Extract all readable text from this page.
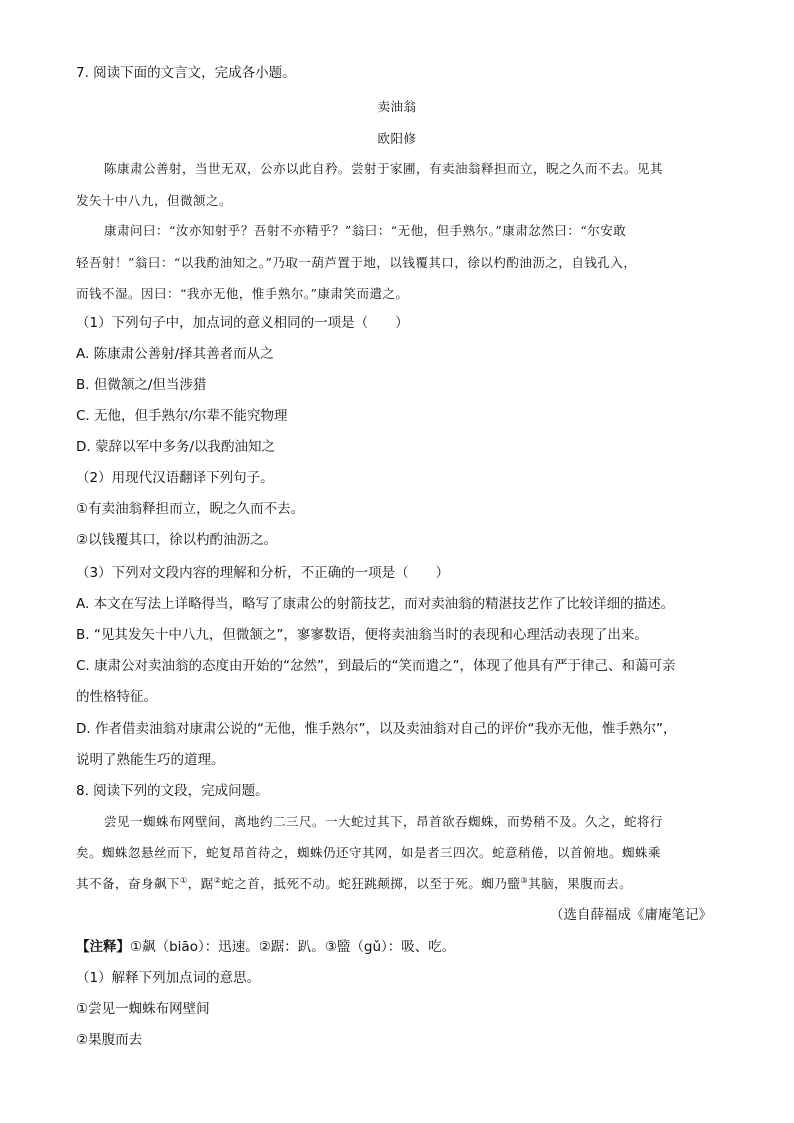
7. 阅读下面的文言文，完成各小题。
卖油翁
欧阳修
陈康肃公善射，当世无双，公亦以此自矜。尝射于家圃，有卖油翁释担而立，睨之久而不去。见其
发矢十中八九，但微颔之。
康肃问曰：“汝亦知射乎？吾射不亦精乎？”翁曰：“无他，但手熟尔。”康肃忿然曰：“尔安敢
轻吾射！”翁曰：“以我酌油知之。”乃取一葫芦置于地，以钱覆其口，徐以杓酌油沥之，自钱孔入，
而钱不湿。因曰：“我亦无他，惟手熟尔。”康肃笑而遣之。
（1）下列句子中，加点词的意义相同的一项是（　　）
A. 陈康肃公善射/择其善者而从之
B. 但微颔之/但当涉猎
C. 无他，但手熟尔/尔辈不能究物理
D. 蒙辞以军中多务/以我酌油知之
（2）用现代汉语翻译下列句子。
①有卖油翁释担而立，睨之久而不去。
②以钱覆其口，徐以杓酌油沥之。
（3）下列对文段内容的理解和分析，不正确的一项是（　　）
A. 本文在写法上详略得当，略写了康肃公的射箭技艺，而对卖油翁的精湛技艺作了比较详细的描述。
B. “见其发矢十中八九，但微颔之”，寥寥数语，便将卖油翁当时的表现和心理活动表现了出来。
C. 康肃公对卖油翁的态度由开始的“忿然”，到最后的“笑而遣之”，体现了他具有严于律己、和蔼可亲
的性格特征。
D. 作者借卖油翁对康肃公说的“无他，惟手熟尔”，以及卖油翁对自己的评价“我亦无他，惟手熟尔”，
说明了熟能生巧的道理。
8. 阅读下列的文段，完成问题。
尝见一蜘蛛布网壁间，离地约二三尺。一大蛇过其下，昂首欲吞蜘蛛，而势稍不及。久之，蛇将行
矣。蜘蛛忽悬丝而下，蛇复昂首待之，蜘蛛仍还守其网，如是者三四次。蛇意稍倦，以首俯地。蜘蛛乘
其不备，奋身飙下①，踞②蛇之首，抵死不动。蛇狂跳颠掷，以至于死。蜘乃盬③其脑，果腹而去。
（选自薛福成《庸庵笔记》
【注释】①飙（biāo）：迅速。②踞：趴。③盬（gǔ）：吸、吃。
（1）解释下列加点词的意思。
①尝见一蜘蛛布网壁间
②果腹而去
